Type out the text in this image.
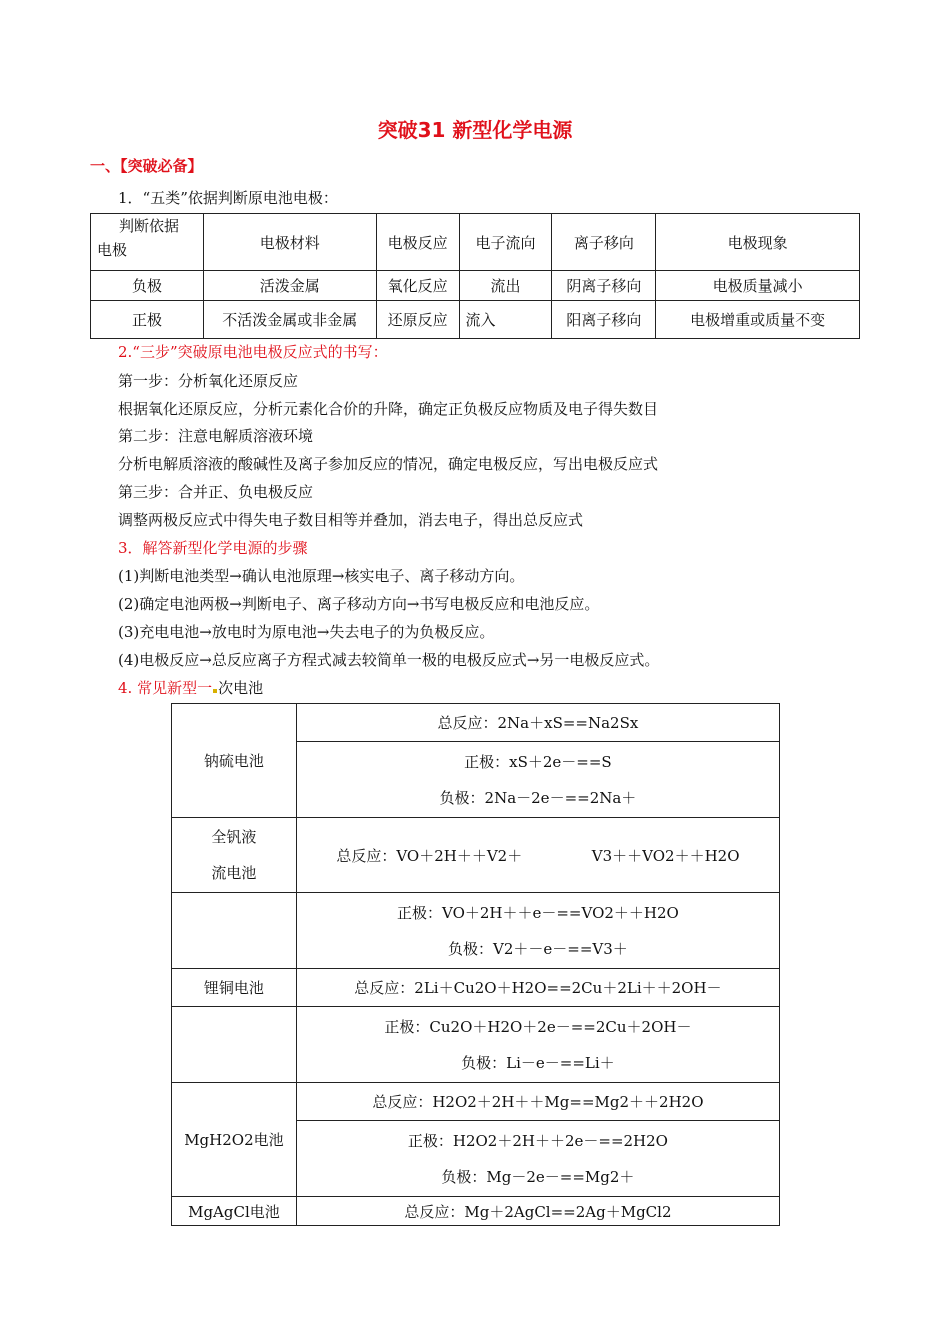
突破31 新型化学电源
一、【突破必备】
1．“五类”依据判断原电池电极：
判断依据
电极	电极材料	电极反应	电子流向	离子移向	电极现象
负极	活泼金属	氧化反应	流出	阴离子移向	电极质量减小
正极	不活泼金属或非金属	还原反应	流入	阳离子移向	电极增重或质量不变
2.“三步”突破原电池电极反应式的书写：
第一步：分析氧化还原反应
根据氧化还原反应，分析元素化合价的升降，确定正负极反应物质及电子得失数目
第二步：注意电解质溶液环境
分析电解质溶液的酸碱性及离子参加反应的情况，确定电极反应，写出电极反应式
第三步：合并正、负电极反应
调整两极反应式中得失电子数目相等并叠加，消去电子，得出总反应式
3．解答新型化学电源的步骤
(1)判断电池类型→确认电池原理→核实电子、离子移动方向。
(2)确定电池两极→判断电子、离子移动方向→书写电极反应和电池反应。
(3)充电电池→放电时为原电池→失去电子的为负极反应。
(4)电极反应→总反应离子方程式减去较简单一极的电极反应式→另一电极反应式。
4. 常见新型一 次电池
钠硫电池	总反应：2Na＋xS==Na2Sx

	正极：xS＋2e－==S
负极：2Na－2e－==2Na＋

全钒液
流电池	总反应：VO＋2H＋＋V2＋ V3＋＋VO2＋＋H2O

	正极：VO＋2H＋＋e－==VO2＋＋H2O
负极：V2＋－e－==V3＋

锂铜电池	总反应：2Li＋Cu2O＋H2O==2Cu＋2Li＋＋2OH－

	正极：Cu2O＋H2O＋2e－==2Cu＋2OH－
负极：Li－e－==Li＋

MgH2O2电池	总反应：H2O2＋2H＋＋Mg==Mg2＋＋2H2O

	正极：H2O2＋2H＋＋2e－==2H2O
负极：Mg－2e－==Mg2＋

MgAgCl电池	总反应：Mg＋2AgCl==2Ag＋MgCl2
